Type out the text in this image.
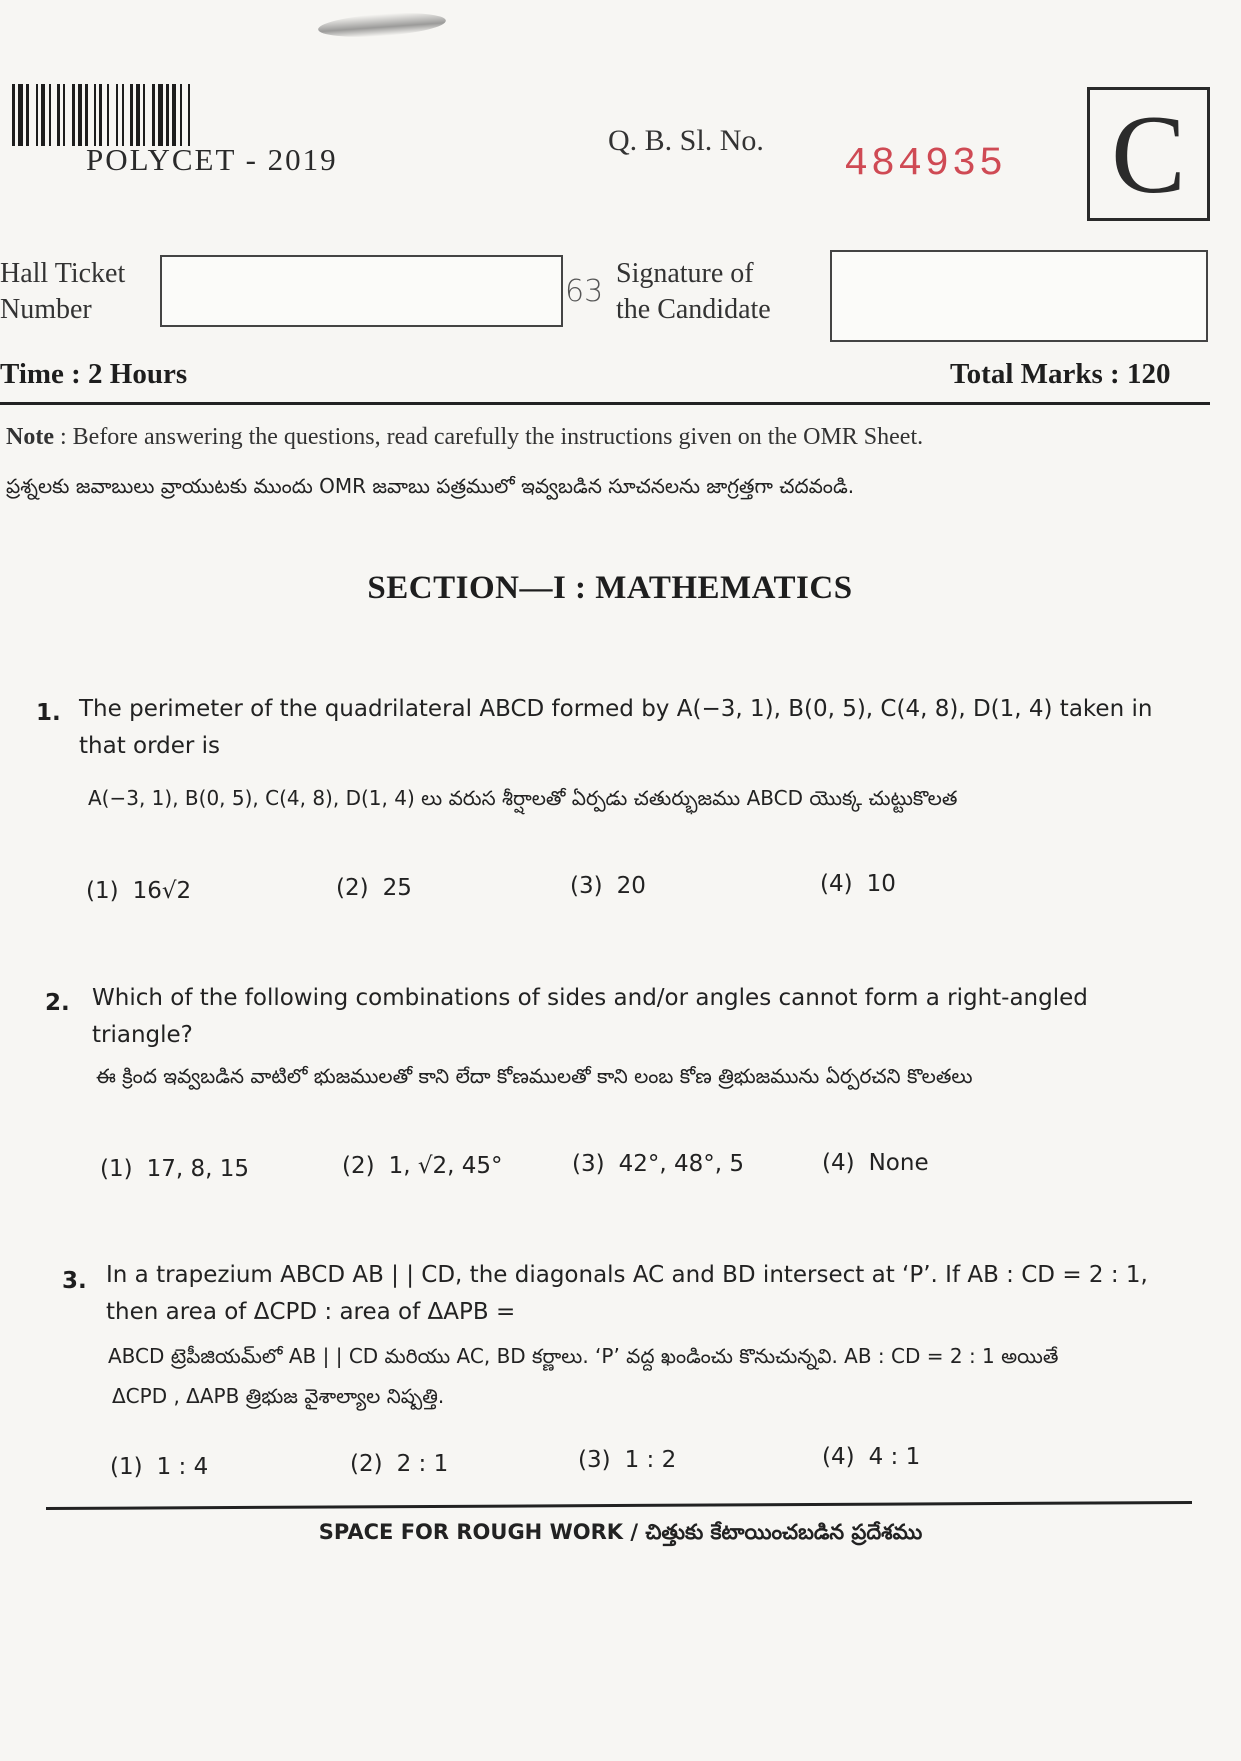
POLYCET - 2019
Q. B. Sl. No.
484935 C
Hall Ticket
Number
63
Signature of
the Candidate
Time : 2 Hours	Total Marks : 120
Note : Before answering the questions, read carefully the instructions given on the OMR Sheet.
ప్రశ్నలకు జవాబులు వ్రాయుటకు ముందు OMR జవాబు పత్రములో ఇవ్వబడిన సూచనలను జాగ్రత్తగా చదవండి.
SECTION—I : MATHEMATICS
1. The perimeter of the quadrilateral ABCD formed by A(−3, 1), B(0, 5), C(4, 8), D(1, 4) taken in
that order is
A(−3, 1), B(0, 5), C(4, 8), D(1, 4) లు వరుస శీర్షాలతో ఏర్పడు చతుర్భుజము ABCD యొక్క చుట్టుకొలత
(1) 16√2	(2) 25	(3) 20	(4) 10
2. Which of the following combinations of sides and/or angles cannot form a right-angled
triangle?
ఈ క్రింద ఇవ్వబడిన వాటిలో భుజములతో కాని లేదా కోణములతో కాని లంబ కోణ త్రిభుజమును ఏర్పరచని కొలతలు
(1) 17, 8, 15	(2) 1, √2, 45°	(3) 42°, 48°, 5	(4) None
3. In a trapezium ABCD AB | | CD, the diagonals AC and BD intersect at ‘P’. If AB : CD = 2 : 1,
then area of ΔCPD : area of ΔAPB =
ABCD ట్రెపీజియమ్‌లో AB | | CD మరియు AC, BD కర్ణాలు. ‘P’ వద్ద ఖండించు కొనుచున్నవి. AB : CD = 2 : 1 అయితే
ΔCPD , ΔAPB త్రిభుజ వైశాల్యాల నిష్పత్తి.
(1) 1 : 4	(2) 2 : 1	(3) 1 : 2	(4) 4 : 1
SPACE FOR ROUGH WORK / చిత్తుకు కేటాయించబడిన ప్రదేశము
